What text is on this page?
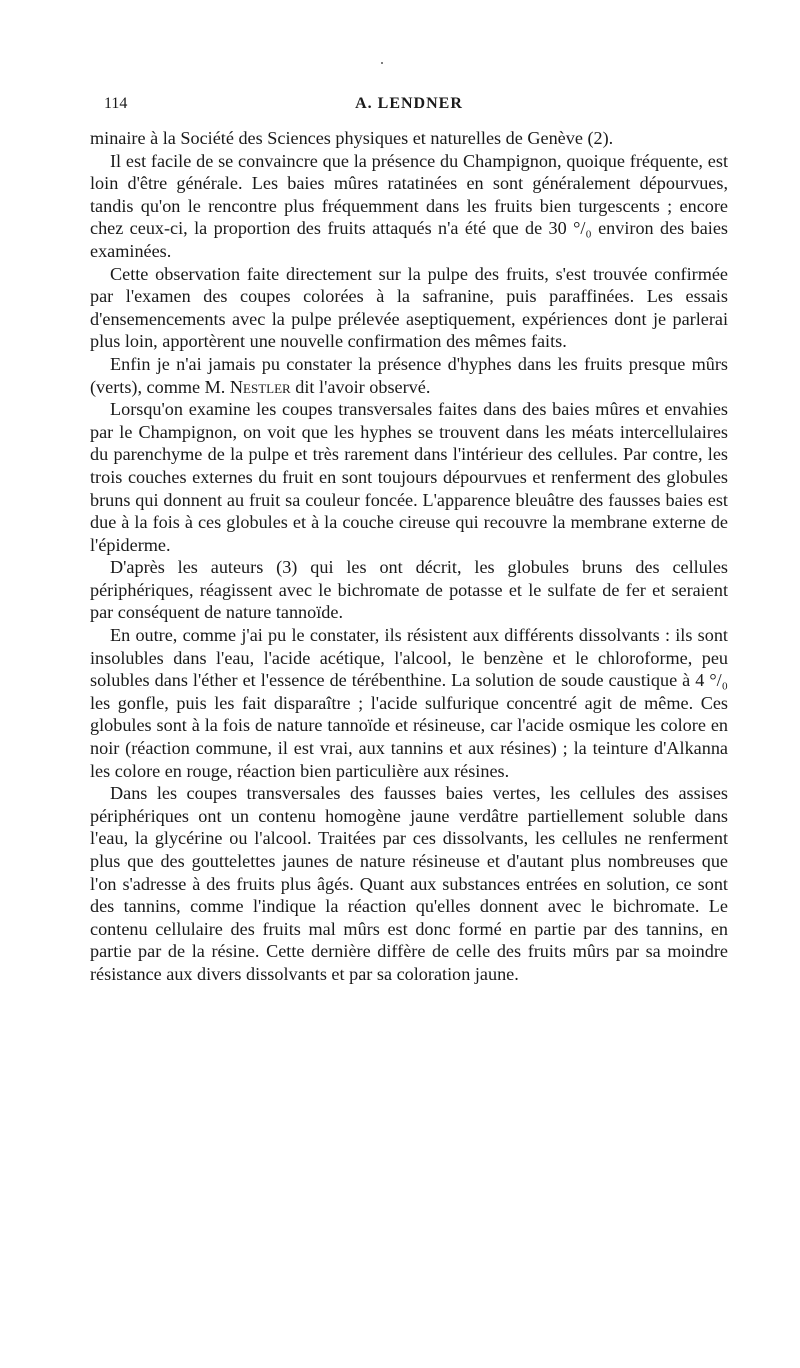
114	A. LENDNER

minaire à la Société des Sciences physiques et naturelles de Genève (2).

Il est facile de se convaincre que la présence du Champignon, quoique fréquente, est loin d'être générale. Les baies mûres ratatinées en sont généralement dépourvues, tandis qu'on le rencontre plus fréquemment dans les fruits bien turgescents ; encore chez ceux-ci, la proportion des fruits attaqués n'a été que de 30 °/₀ environ des baies examinées.

Cette observation faite directement sur la pulpe des fruits, s'est trouvée confirmée par l'examen des coupes colorées à la safranine, puis paraffinées. Les essais d'ensemencements avec la pulpe prélevée aseptiquement, expériences dont je parlerai plus loin, apportèrent une nouvelle confirmation des mêmes faits.

Enfin je n'ai jamais pu constater la présence d'hyphes dans les fruits presque mûrs (verts), comme M. Nestler dit l'avoir observé.

Lorsqu'on examine les coupes transversales faites dans des baies mûres et envahies par le Champignon, on voit que les hyphes se trouvent dans les méats intercellulaires du parenchyme de la pulpe et très rarement dans l'intérieur des cellules. Par contre, les trois couches externes du fruit en sont toujours dépourvues et renferment des globules bruns qui donnent au fruit sa couleur foncée. L'apparence bleuâtre des fausses baies est due à la fois à ces globules et à la couche cireuse qui recouvre la membrane externe de l'épiderme.

D'après les auteurs (3) qui les ont décrit, les globules bruns des cellules périphériques, réagissent avec le bichromate de potasse et le sulfate de fer et seraient par conséquent de nature tannoïde.

En outre, comme j'ai pu le constater, ils résistent aux différents dissolvants : ils sont insolubles dans l'eau, l'acide acétique, l'alcool, le benzène et le chloroforme, peu solubles dans l'éther et l'essence de térébenthine. La solution de soude caustique à 4 °/₀ les gonfle, puis les fait disparaître ; l'acide sulfurique concentré agit de même. Ces globules sont à la fois de nature tannoïde et résineuse, car l'acide osmique les colore en noir (réaction commune, il est vrai, aux tannins et aux résines) ; la teinture d'Alkanna les colore en rouge, réaction bien particulière aux résines.

Dans les coupes transversales des fausses baies vertes, les cellules des assises périphériques ont un contenu homogène jaune verdâtre partiellement soluble dans l'eau, la glycérine ou l'alcool. Traitées par ces dissolvants, les cellules ne renferment plus que des gouttelettes jaunes de nature résineuse et d'autant plus nombreuses que l'on s'adresse à des fruits plus âgés. Quant aux substances entrées en solution, ce sont des tannins, comme l'indique la réaction qu'elles donnent avec le bichromate. Le contenu cellulaire des fruits mal mûrs est donc formé en partie par des tannins, en partie par de la résine. Cette dernière diffère de celle des fruits mûrs par sa moindre résistance aux divers dissolvants et par sa coloration jaune.
